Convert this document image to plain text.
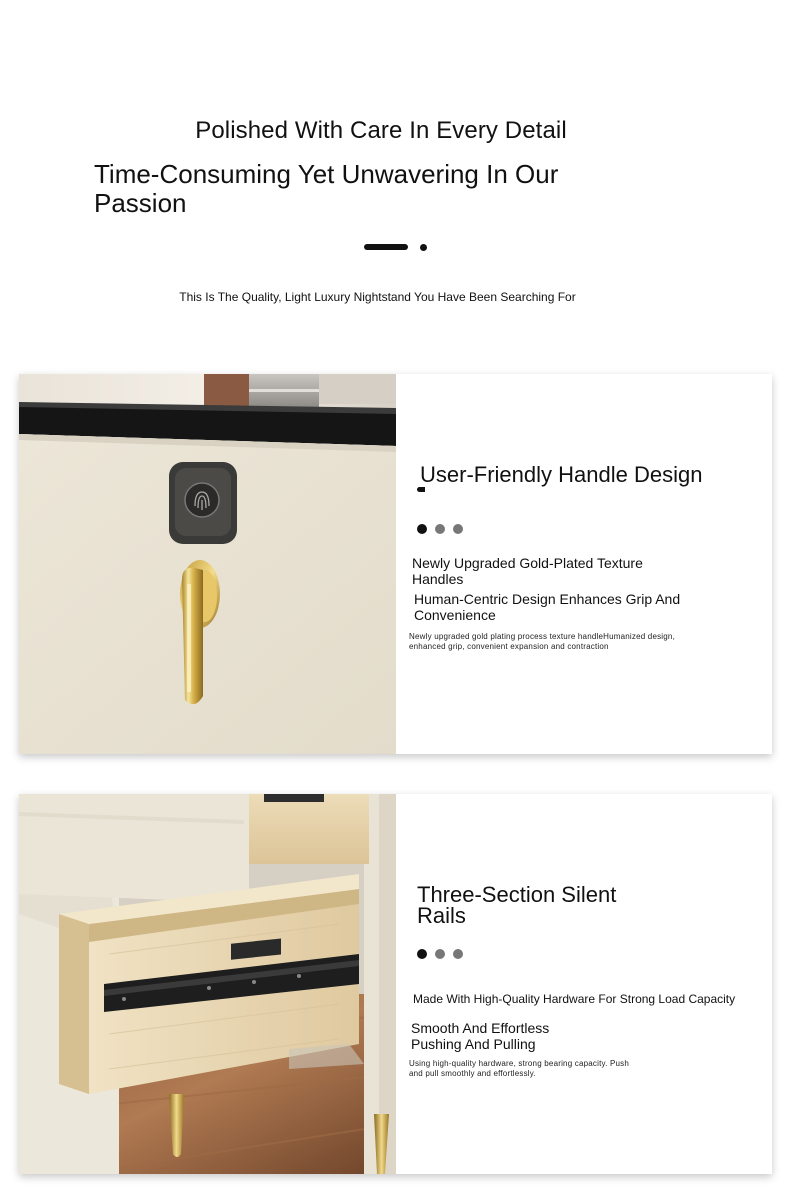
Polished With Care In Every Detail
Time-Consuming Yet Unwavering In Our Passion
This Is The Quality, Light Luxury Nightstand You Have Been Searching For
User-Friendly Handle Design
Newly Upgraded Gold-Plated Texture Handles
Human-Centric Design Enhances Grip And Convenience
Newly upgraded gold plating process texture handleHumanized design, enhanced grip, convenient expansion and contraction
Three-Section Silent Rails
Made With High-Quality Hardware For Strong Load Capacity
Smooth And Effortless Pushing And Pulling
Using high-quality hardware, strong bearing capacity. Push and pull smoothly and effortlessly.
